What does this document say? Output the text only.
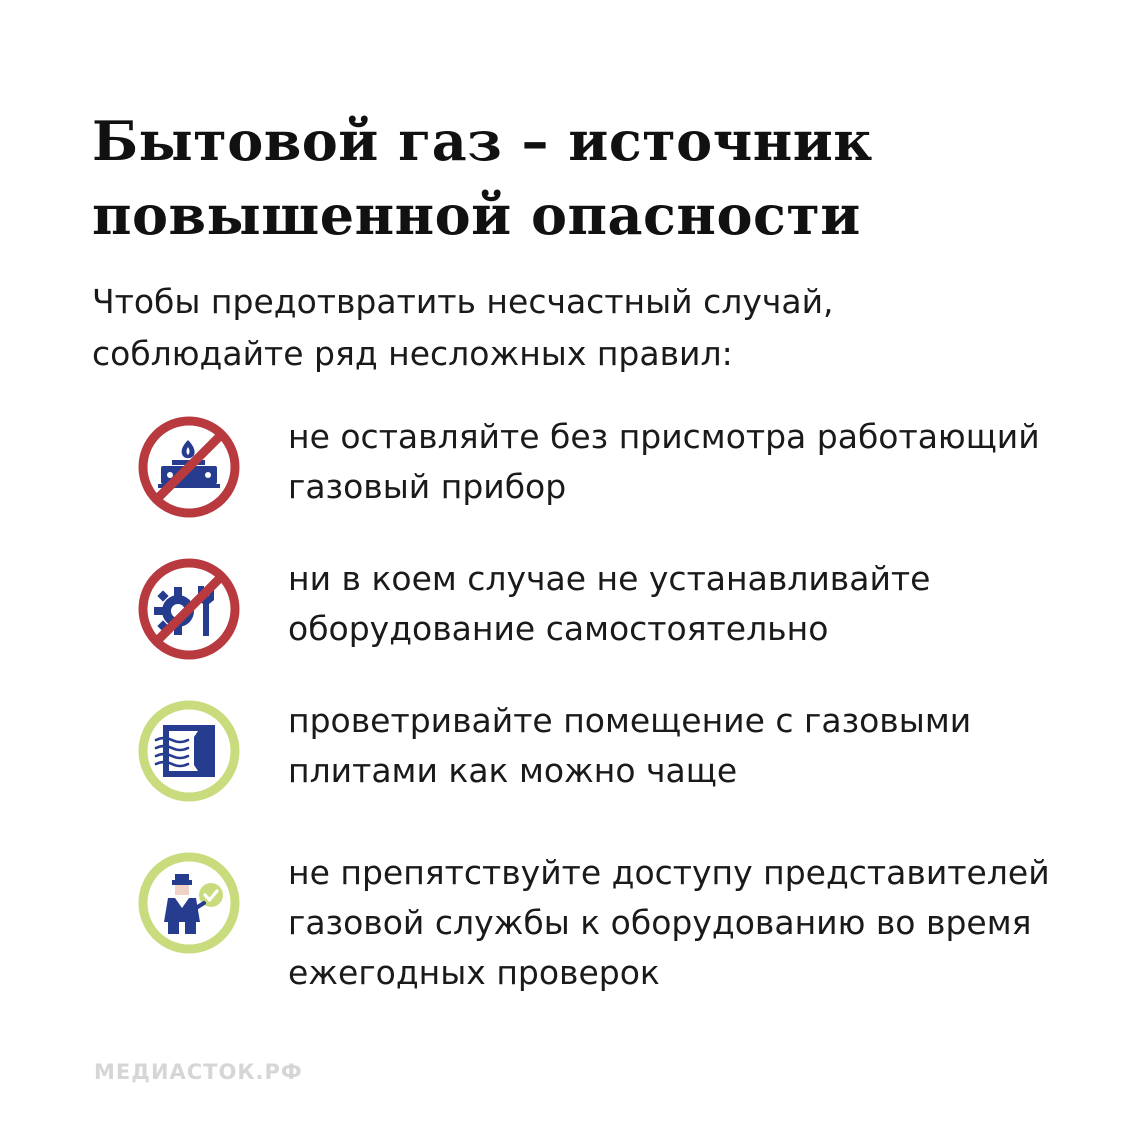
Бытовой газ – источник
повышенной опасности
Чтобы предотвратить несчастный случай,
соблюдайте ряд несложных правил:
не оставляйте без присмотра работающий
газовый прибор
ни в коем случае не устанавливайте
оборудование самостоятельно
проветривайте помещение с газовыми
плитами как можно чаще
не препятствуйте доступу представителей
газовой службы к оборудованию во время
ежегодных проверок
МЕДИАСТОК.РФ
